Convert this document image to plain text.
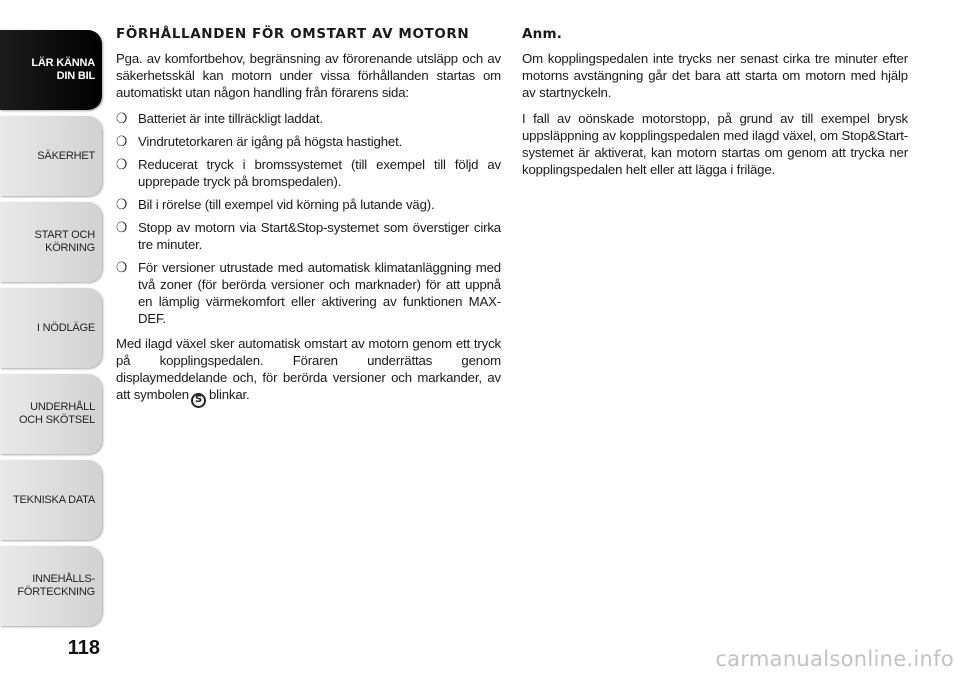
LÄR KÄNNA
DIN BIL
SÄKERHET
START OCH
KÖRNING
I NÖDLÄGE
UNDERHÅLL
OCH SKÖTSEL
TEKNISKA DATA
INNEHÅLLS-
FÖRTECKNING
118
FÖRHÅLLANDEN FÖR OMSTART AV MOTORN

Pga. av komfortbehov, begränsning av förorenande utsläpp och av säkerhetsskäl kan motorn under vissa förhållanden startas om automatiskt utan någon handling från förarens sida:

❍ Batteriet är inte tillräckligt laddat.
❍ Vindrutetorkaren är igång på högsta hastighet.
❍ Reducerat tryck i bromssystemet (till exempel till följd av upprepade tryck på bromspedalen).
❍ Bil i rörelse (till exempel vid körning på lutande väg).
❍ Stopp av motorn via Start&Stop-systemet som överstiger cirka tre minuter.
❍ För versioner utrustade med automatisk klimatanläggning med två zoner (för berörda versioner och marknader) för att uppnå en lämplig värmekomfort eller aktivering av funktionen MAX-DEF.

Med ilagd växel sker automatisk omstart av motorn genom ett tryck på kopplingspedalen. Föraren underrättas genom displaymeddelande och, för berörda versioner och markander, av att symbolen S blinkar.

Anm.

Om kopplingspedalen inte trycks ner senast cirka tre minuter efter motorns avstängning går det bara att starta om motorn med hjälp av startnyckeln.

I fall av oönskade motorstopp, på grund av till exempel brysk uppsläppning av kopplingspedalen med ilagd växel, om Stop&Start-systemet är aktiverat, kan motorn startas om genom att trycka ner kopplingspedalen helt eller att lägga i friläge.

carmanualsonline.info
